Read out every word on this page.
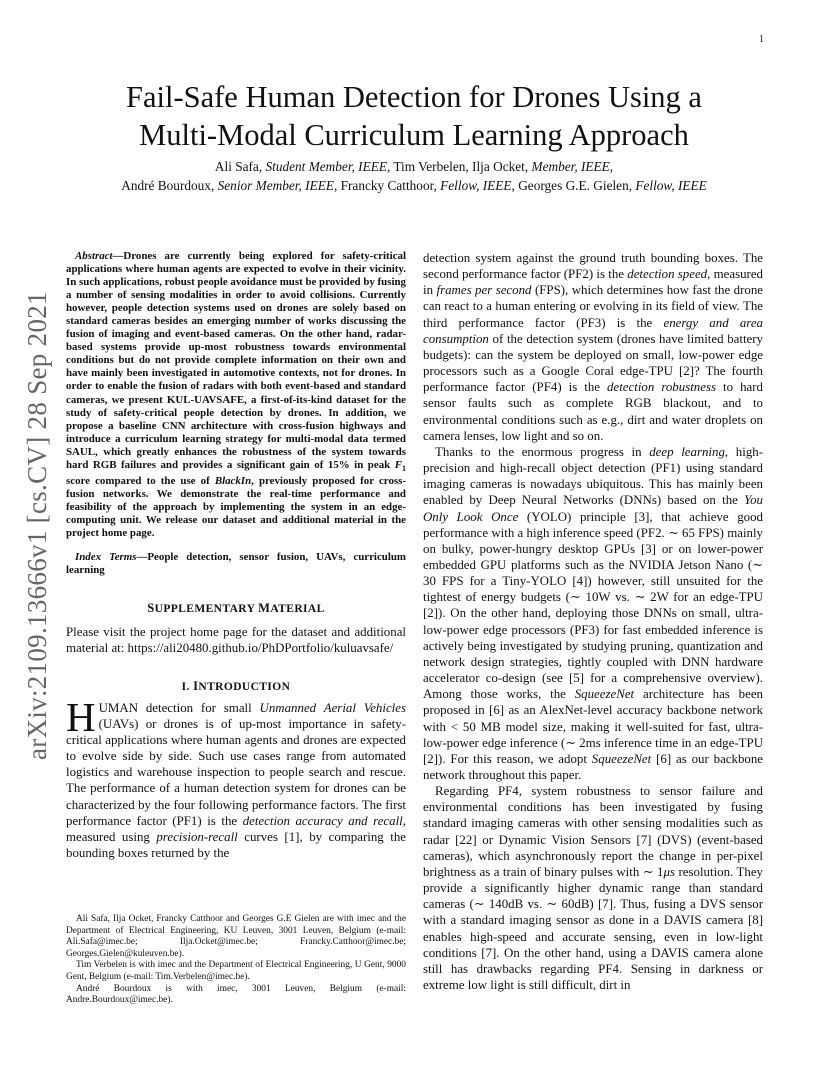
1
arXiv:2109.13666v1 [cs.CV] 28 Sep 2021
Fail-Safe Human Detection for Drones Using a
Multi-Modal Curriculum Learning Approach
Ali Safa, Student Member, IEEE, Tim Verbelen, Ilja Ocket, Member, IEEE,
André Bourdoux, Senior Member, IEEE, Francky Catthoor, Fellow, IEEE, Georges G.E. Gielen, Fellow, IEEE

Abstract—Drones are currently being explored for safety-critical applications where human agents are expected to evolve in their vicinity. In such applications, robust people avoidance must be provided by fusing a number of sensing modalities in order to avoid collisions. Currently however, people detection systems used on drones are solely based on standard cameras besides an emerging number of works discussing the fusion of imaging and event-based cameras. On the other hand, radar-based systems provide up-most robustness towards environmental conditions but do not provide complete information on their own and have mainly been investigated in automotive contexts, not for drones. In order to enable the fusion of radars with both event-based and standard cameras, we present KUL-UAVSAFE, a first-of-its-kind dataset for the study of safety-critical people detection by drones. In addition, we propose a baseline CNN architecture with cross-fusion highways and introduce a curriculum learning strategy for multi-modal data termed SAUL, which greatly enhances the robustness of the system towards hard RGB failures and provides a significant gain of 15% in peak $F_1$ score compared to the use of BlackIn, previously proposed for cross-fusion networks. We demonstrate the real-time performance and feasibility of the approach by implementing the system in an edge-computing unit. We release our dataset and additional material in the project home page.

Index Terms—People detection, sensor fusion, UAVs, curriculum learning

SUPPLEMENTARY MATERIAL

Please visit the project home page for the dataset and additional material at: https://ali20480.github.io/PhDPortfolio/kuluavsafe/

I. INTRODUCTION

HUMAN detection for small Unmanned Aerial Vehicles (UAVs) or drones is of up-most importance in safety-critical applications where human agents and drones are expected to evolve side by side. Such use cases range from automated logistics and warehouse inspection to people search and rescue. The performance of a human detection system for drones can be characterized by the four following performance factors. The first performance factor (PF1) is the detection accuracy and recall, measured using precision-recall curves [1], by comparing the bounding boxes returned by the

Ali Safa, Ilja Ocket, Francky Catthoor and Georges G.E Gielen are with imec and the Department of Electrical Engineering, KU Leuven, 3001 Leuven, Belgium (e-mail: Ali.Safa@imec.be; Ilja.Ocket@imec.be; Francky.Catthoor@imec.be; Georges.Gielen@kuleuven.be).

Tim Verbelen is with imec and the Department of Electrical Engineering, U Gent, 9000 Gent, Belgium (e-mail: Tim.Verbelen@imec.be).

André Bourdoux is with imec, 3001 Leuven, Belgium (e-mail: Andre.Bourdoux@imec.be).

detection system against the ground truth bounding boxes. The second performance factor (PF2) is the detection speed, measured in frames per second (FPS), which determines how fast the drone can react to a human entering or evolving in its field of view. The third performance factor (PF3) is the energy and area consumption of the detection system (drones have limited battery budgets): can the system be deployed on small, low-power edge processors such as a Google Coral edge-TPU [2]? The fourth performance factor (PF4) is the detection robustness to hard sensor faults such as complete RGB blackout, and to environmental conditions such as e.g., dirt and water droplets on camera lenses, low light and so on.

Thanks to the enormous progress in deep learning, high-precision and high-recall object detection (PF1) using standard imaging cameras is nowadays ubiquitous. This has mainly been enabled by Deep Neural Networks (DNNs) based on the You Only Look Once (YOLO) principle [3], that achieve good performance with a high inference speed (PF2. ∼ 65 FPS) mainly on bulky, power-hungry desktop GPUs [3] or on lower-power embedded GPU platforms such as the NVIDIA Jetson Nano (∼ 30 FPS for a Tiny-YOLO [4]) however, still unsuited for the tightest of energy budgets (∼ 10W vs. ∼ 2W for an edge-TPU [2]). On the other hand, deploying those DNNs on small, ultra-low-power edge processors (PF3) for fast embedded inference is actively being investigated by studying pruning, quantization and network design strategies, tightly coupled with DNN hardware accelerator co-design (see [5] for a comprehensive overview). Among those works, the SqueezeNet architecture has been proposed in [6] as an AlexNet-level accuracy backbone network with < 50 MB model size, making it well-suited for fast, ultra-low-power edge inference (∼ 2ms inference time in an edge-TPU [2]). For this reason, we adopt SqueezeNet [6] as our backbone network throughout this paper.

Regarding PF4, system robustness to sensor failure and environmental conditions has been investigated by fusing standard imaging cameras with other sensing modalities such as radar [22] or Dynamic Vision Sensors [7] (DVS) (event-based cameras), which asynchronously report the change in per-pixel brightness as a train of binary pulses with ∼ 1μs resolution. They provide a significantly higher dynamic range than standard cameras (∼ 140dB vs. ∼ 60dB) [7]. Thus, fusing a DVS sensor with a standard imaging sensor as done in a DAVIS camera [8] enables high-speed and accurate sensing, even in low-light conditions [7]. On the other hand, using a DAVIS camera alone still has drawbacks regarding PF4. Sensing in darkness or extreme low light is still difficult, dirt in
